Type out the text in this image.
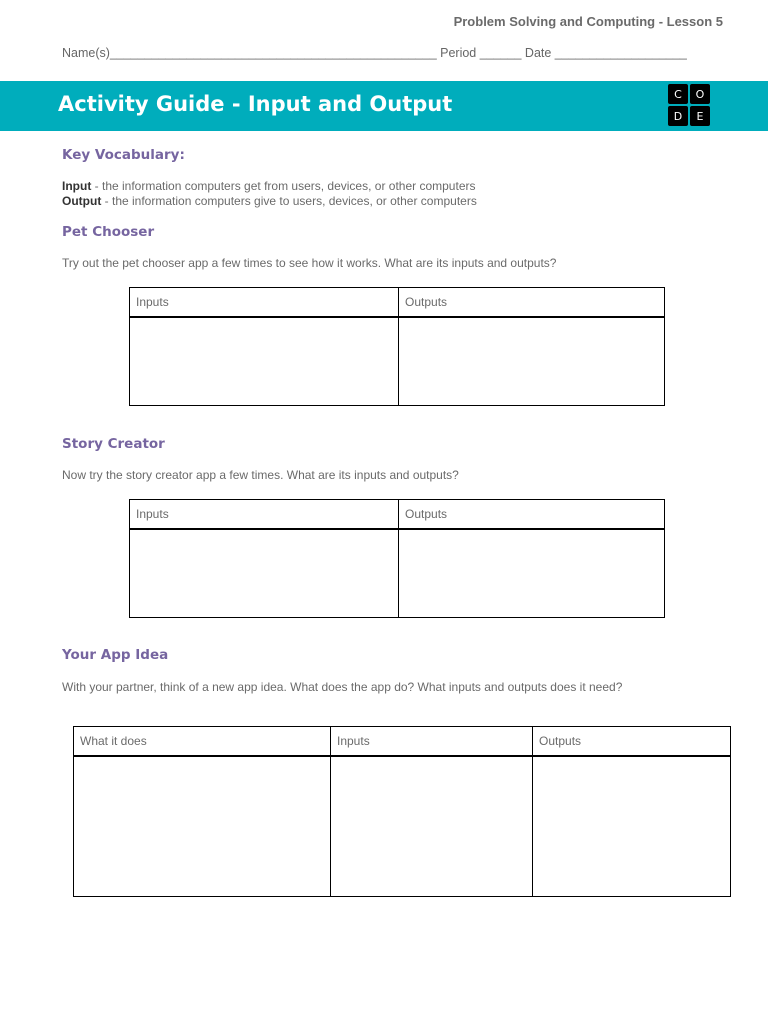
Problem Solving and Computing - Lesson 5
Name(s)_______________________________________________ Period ______ Date ___________________
Activity Guide - Input and Output	C	O
D	E
Key Vocabulary:
Input - the information computers get from users, devices, or other computers
Output - the information computers give to users, devices, or other computers
Pet Chooser
Try out the pet chooser app a few times to see how it works. What are its inputs and outputs?
Inputs	Outputs

Story Creator
Now try the story creator app a few times. What are its inputs and outputs?
Inputs	Outputs

Your App Idea
With your partner, think of a new app idea. What does the app do? What inputs and outputs does it need?
What it does	Inputs	Outputs
